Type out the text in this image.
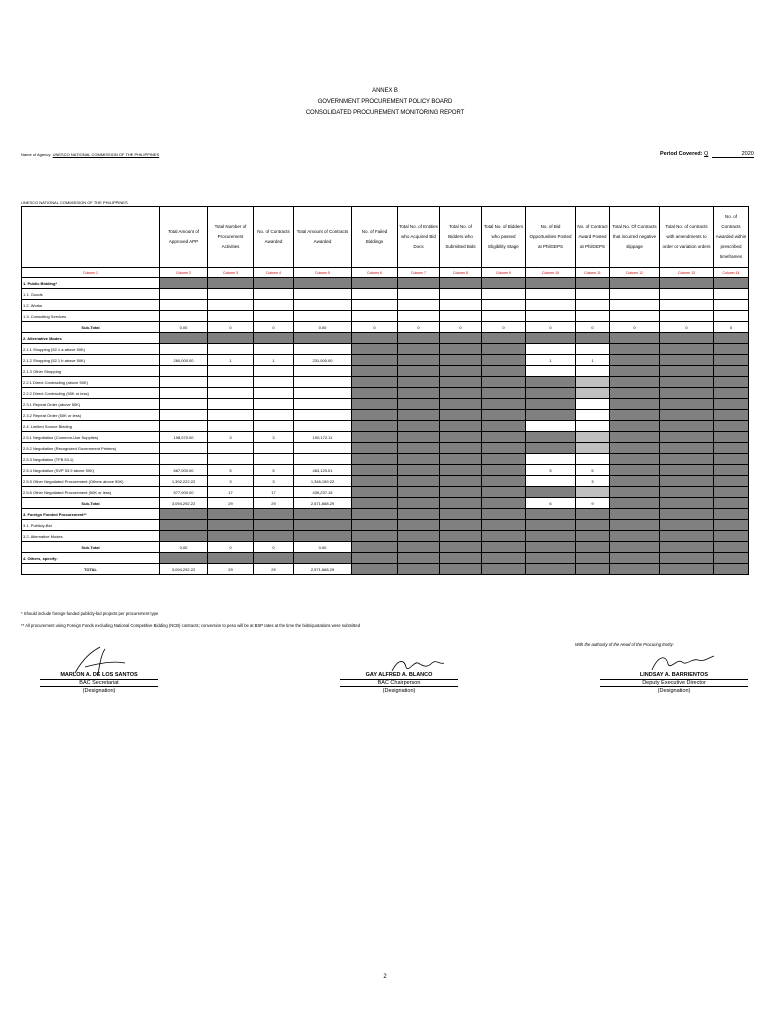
ANNEX B
GOVERNMENT PROCUREMENT POLICY BOARD
CONSOLIDATED PROCUREMENT MONITORING REPORT
Name of Agency: UNESCO NATIONAL COMMISSION OF THE PHILIPPINES	Period Covered: Q	2020
UNESCO NATIONAL COMMISSION OF THE PHILIPPINES
	Total Amount of Approved APP	Total Number of Procurement Activities	No. of Contracts Awarded	Total Amount of Contracts Awarded	No. of Failed Biddings	Total No. of Entities who Acquired Bid Docs	Total No. of Bidders who Submitted Bids	Total No. of Bidders who passed Eligibility Stage	No. of Bid Opportunities Posted at PhilGEPS	No. of Contract Award Posted at PhilGEPS	Total No. Of Contracts that incurred negative slippage	Total No. of contracts with amendments to order or variation orders	No. of Contracts Awarded within prescribed timeframes
Column 1	Column 2	Column 3	Column 4	Column 5	Column 6	Column 7	Column 8	Column 9	Column 10	Column 11	Column 12	Column 13	Column 14
1. Public Bidding*													
1.1. Goods													
1.2. Works													
1.3. Consulting Services													
Sub-Total	0.00	0	0	0.00	0	0	0	0	0	0	0	0	0
2. Alternative Modes													
2.1.1 Shopping (52.1 a above 50K)													
2.1.2 Shopping (52.1 b above 50K)	260,000.00	1	1	231,000.00					1	1			
2.1.3 Other Shopping													
2.2.1 Direct Contracting (above 50K)													
2.2.2 Direct Contracting (50K or less)													
2.3.1 Repeat Order (above 50K)													
2.3.2 Repeat Order (50K or less)													
2.4. Limited Source Bidding													
2.5.1 Negotiation (Common-Use Supplies)	198,070.00	3	3	190,172.11									
2.5.2 Negotiation (Recognized Government Printers)													
2.5.3 Negotiation (TFB 53.1)													
2.5.4 Negotiation (SVP 53.9 above 50K)	667,000.00	5	5	463,120.01					5	5			
2.5.5 Other Negotiated Procurement (Others above 50K)	1,392,222.22	3	3	1,346,159.22						3			
2.5.6 Other Negotiated Procurement (50K or less)	577,000.00	17	17	439,237.15									
Sub-Total	3,094,292.22	29	29	2,571,668.29					6	9			
3. Foreign Funded Procurement**													
3.1. Publicly-Bid													
3.2. Alternative Modes													
Sub-Total	0.00	0	0	0.00									
4. Others, specify:													
TOTAL	3,094,292.22	29	29	2,571,668.29									
* Should include foreign-funded publicly-bid projects per procurement type
** All procurement using Foreign Funds excluding National Competitive Bidding (NCB) contracts; conversion to peso will be at BSP rates at the time the bids/quotations were submitted
With the authority of the Head of the Procuring Entity:
MARLON A. DE LOS SANTOS
BAC Secretariat
(Designation)
GAY ALFRED A. BLANCO
BAC Chairperson
(Designation)
LINDSAY A. BARRIENTOS
Deputy Executive Director
(Designation)
2
